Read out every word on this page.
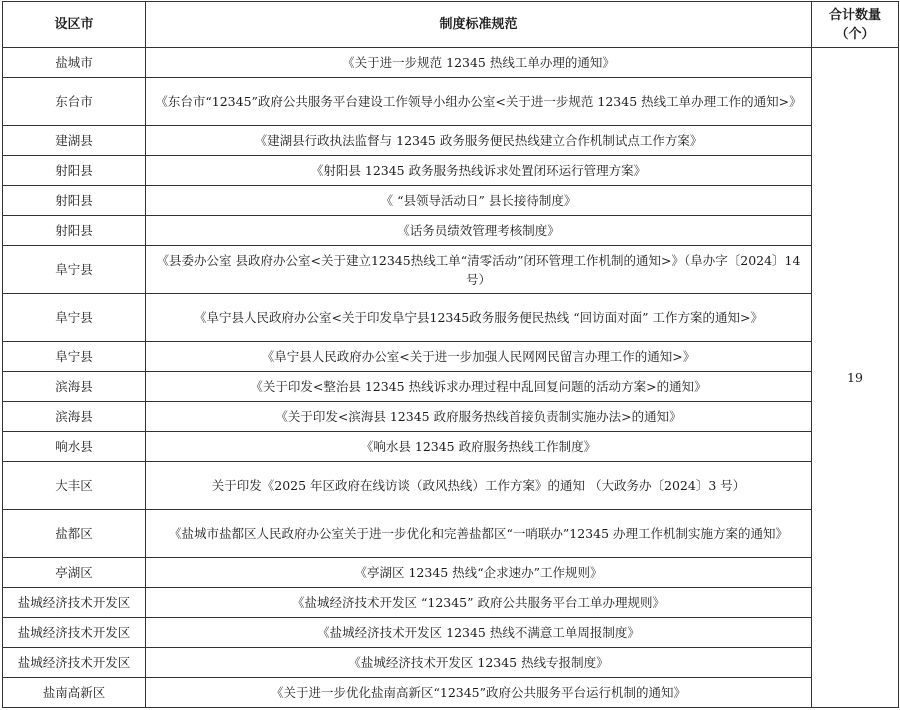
设区市	制度标准规范	合计数量（个）
盐城市	《关于进一步规范 12345 热线工单办理的通知》	19
东台市	《东台市“12345”政府公共服务平台建设工作领导小组办公室<关于进一步规范 12345 热线工单办理工作的通知>》	
建湖县	《建湖县行政执法监督与 12345 政务服务便民热线建立合作机制试点工作方案》	
射阳县	《射阳县 12345 政务服务热线诉求处置闭环运行管理方案》	
射阳县	《 “县领导活动日” 县长接待制度》	
射阳县	《话务员绩效管理考核制度》	
阜宁县	《县委办公室 县政府办公室<关于建立12345热线工单“清零活动”闭环管理工作机制的通知>》（阜办字〔2024〕14号）	
阜宁县	《阜宁县人民政府办公室<关于印发阜宁县12345政务服务便民热线 “回访面对面” 工作方案的通知>》	
阜宁县	《阜宁县人民政府办公室<关于进一步加强人民网网民留言办理工作的通知>》	
滨海县	《关于印发<整治县 12345 热线诉求办理过程中乱回复问题的活动方案>的通知》	
滨海县	《关于印发<滨海县 12345 政府服务热线首接负责制实施办法>的通知》	
响水县	《响水县 12345 政府服务热线工作制度》	
大丰区	关于印发《2025 年区政府在线访谈（政风热线）工作方案》的通知 （大政务办〔2024〕3 号）	
盐都区	《盐城市盐都区人民政府办公室关于进一步优化和完善盐都区“一哨联办”12345 办理工作机制实施方案的通知》	
亭湖区	《亭湖区 12345 热线“企求速办”工作规则》	
盐城经济技术开发区	《盐城经济技术开发区 “12345” 政府公共服务平台工单办理规则》	
盐城经济技术开发区	《盐城经济技术开发区 12345 热线不满意工单周报制度》	
盐城经济技术开发区	《盐城经济技术开发区 12345 热线专报制度》	
盐南高新区	《关于进一步优化盐南高新区“12345”政府公共服务平台运行机制的通知》	
